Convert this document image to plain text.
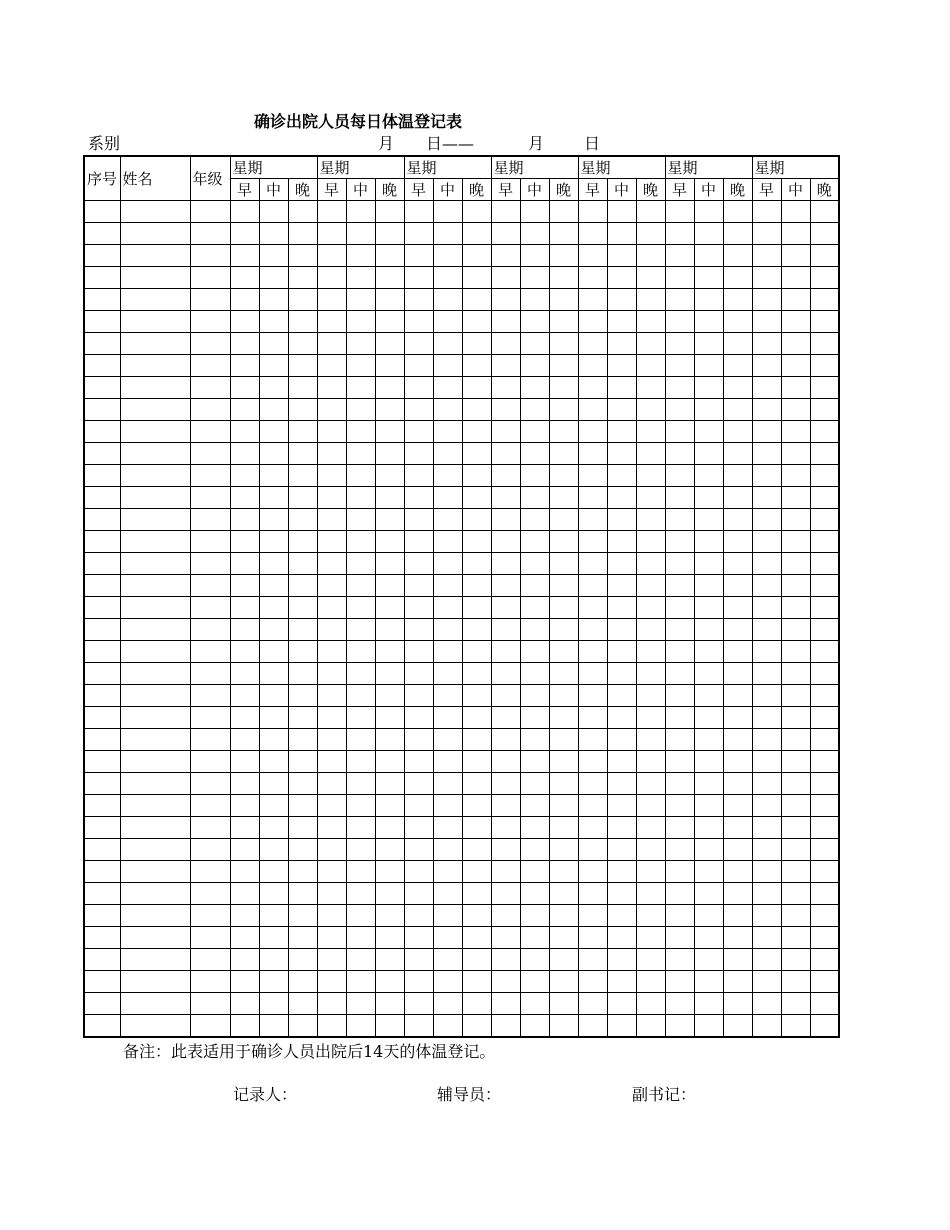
确诊出院人员每日体温登记表
系别	月 日——	月 日
序号	姓名	年级	星期			星期			星期			星期			星期			星期			星期		
			早	中	晚	早	中	晚	早	中	晚	早	中	晚	早	中	晚	早	中	晚	早	中	晚

备注：此表适用于确诊人员出院后14天的体温登记。
记录人：	辅导员：	副书记：
